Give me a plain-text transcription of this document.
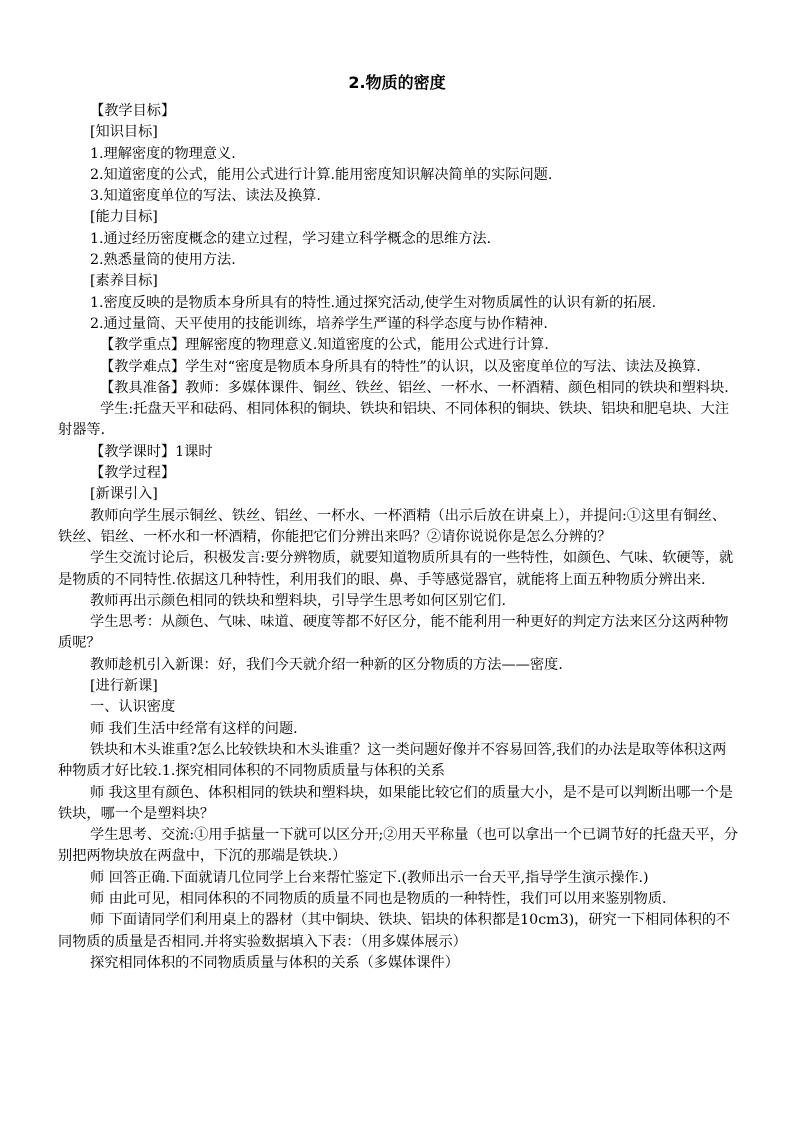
2.物质的密度

【教学目标】

[知识目标]

1.理解密度的物理意义.

2.知道密度的公式，能用公式进行计算.能用密度知识解决简单的实际问题.

3.知道密度单位的写法、读法及换算.

[能力目标]

1.通过经历密度概念的建立过程，学习建立科学概念的思维方法.

2.熟悉量筒的使用方法.

[素养目标]

1.密度反映的是物质本身所具有的特性.通过探究活动,使学生对物质属性的认识有新的拓展.

2.通过量筒、天平使用的技能训练，培养学生严谨的科学态度与协作精神.

【教学重点】理解密度的物理意义.知道密度的公式，能用公式进行计算.

【教学难点】学生对“密度是物质本身所具有的特性”的认识，以及密度单位的写法、读法及换算.

【教具准备】教师：多媒体课件、铜丝、铁丝、铝丝、一杯水、一杯酒精、颜色相同的铁块和塑料块.

学生:托盘天平和砝码、相同体积的铜块、铁块和铝块、不同体积的铜块、铁块、铝块和肥皂块、大注射器等.

【教学课时】1课时

【教学过程】

[新课引入]

教师向学生展示铜丝、铁丝、铝丝、一杯水、一杯酒精（出示后放在讲桌上），并提问:①这里有铜丝、铁丝、铝丝、一杯水和一杯酒精，你能把它们分辨出来吗？②请你说说你是怎么分辨的？

学生交流讨论后，积极发言:要分辨物质，就要知道物质所具有的一些特性，如颜色、气味、软硬等，就是物质的不同特性.依据这几种特性，利用我们的眼、鼻、手等感觉器官，就能将上面五种物质分辨出来.

教师再出示颜色相同的铁块和塑料块，引导学生思考如何区别它们.

学生思考：从颜色、气味、味道、硬度等都不好区分，能不能利用一种更好的判定方法来区分这两种物质呢？

教师趁机引入新课：好，我们今天就介绍一种新的区分物质的方法——密度.

[进行新课]

一、认识密度

师 我们生活中经常有这样的问题.

铁块和木头谁重?怎么比较铁块和木头谁重？这一类问题好像并不容易回答,我们的办法是取等体积这两种物质才好比较.1.探究相同体积的不同物质质量与体积的关系

师 我这里有颜色、体积相同的铁块和塑料块，如果能比较它们的质量大小，是不是可以判断出哪一个是铁块，哪一个是塑料块？

学生思考、交流:①用手掂量一下就可以区分开;②用天平称量（也可以拿出一个已调节好的托盘天平，分别把两物块放在两盘中，下沉的那端是铁块.）

师 回答正确.下面就请几位同学上台来帮忙鉴定下.(教师出示一台天平,指导学生演示操作.)

师 由此可见，相同体积的不同物质的质量不同也是物质的一种特性，我们可以用来鉴别物质.

师 下面请同学们利用桌上的器材（其中铜块、铁块、铝块的体积都是10cm3)，研究一下相同体积的不同物质的质量是否相同.并将实验数据填入下表：（用多媒体展示）

探究相同体积的不同物质质量与体积的关系（多媒体课件）
